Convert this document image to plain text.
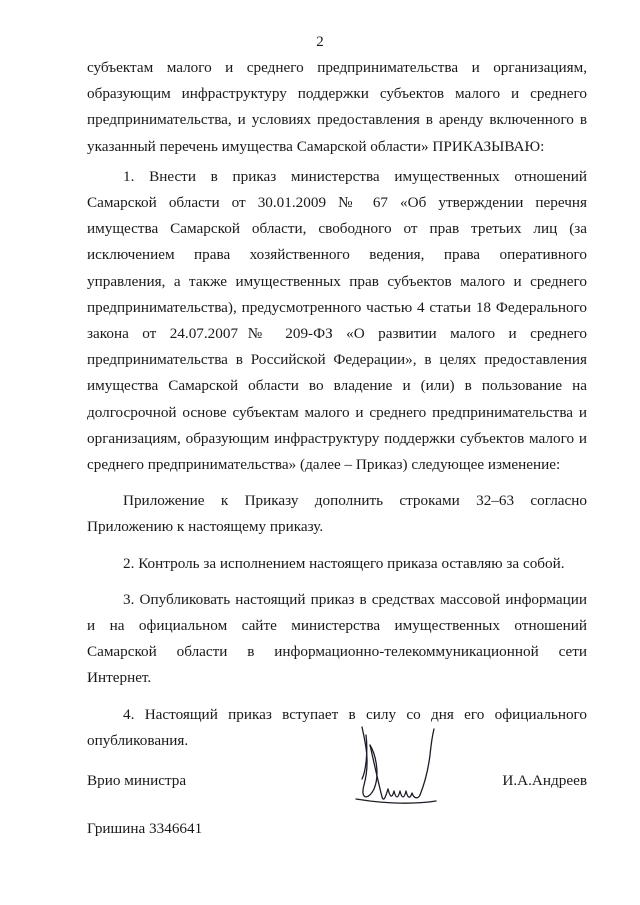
2

субъектам малого и среднего предпринимательства и организациям, образующим инфраструктуру поддержки субъектов малого и среднего предпринимательства, и условиях предоставления в аренду включенного в указанный перечень имущества Самарской области» ПРИКАЗЫВАЮ:

1. Внести в приказ министерства имущественных отношений Самарской области от 30.01.2009 № 67 «Об утверждении перечня имущества Самарской области, свободного от прав третьих лиц (за исключением права хозяйственного ведения, права оперативного управления, а также имущественных прав субъектов малого и среднего предпринимательства), предусмотренного частью 4 статьи 18 Федерального закона от 24.07.2007№ 209-ФЗ «О развитии малого и среднего предпринимательства в Российской Федерации», в целях предоставления имущества Самарской области во владение и (или) в пользование на долгосрочной основе субъектам малого и среднего предпринимательства и организациям, образующим инфраструктуру поддержки субъектов малого и среднего предпринимательства» (далее – Приказ) следующее изменение:

Приложение к Приказу дополнить строками 32–63 согласно Приложению к настоящему приказу.

2. Контроль за исполнением настоящего приказа оставляю за собой.

3. Опубликовать настоящий приказ в средствах массовой информации и на официальном сайте министерства имущественных отношений Самарской области в информационно-телекоммуникационной сети Интернет.

4. Настоящий приказ вступает в силу со дня его официального опубликования.

Врио министра	И.А.Андреев
Гришина 3346641
